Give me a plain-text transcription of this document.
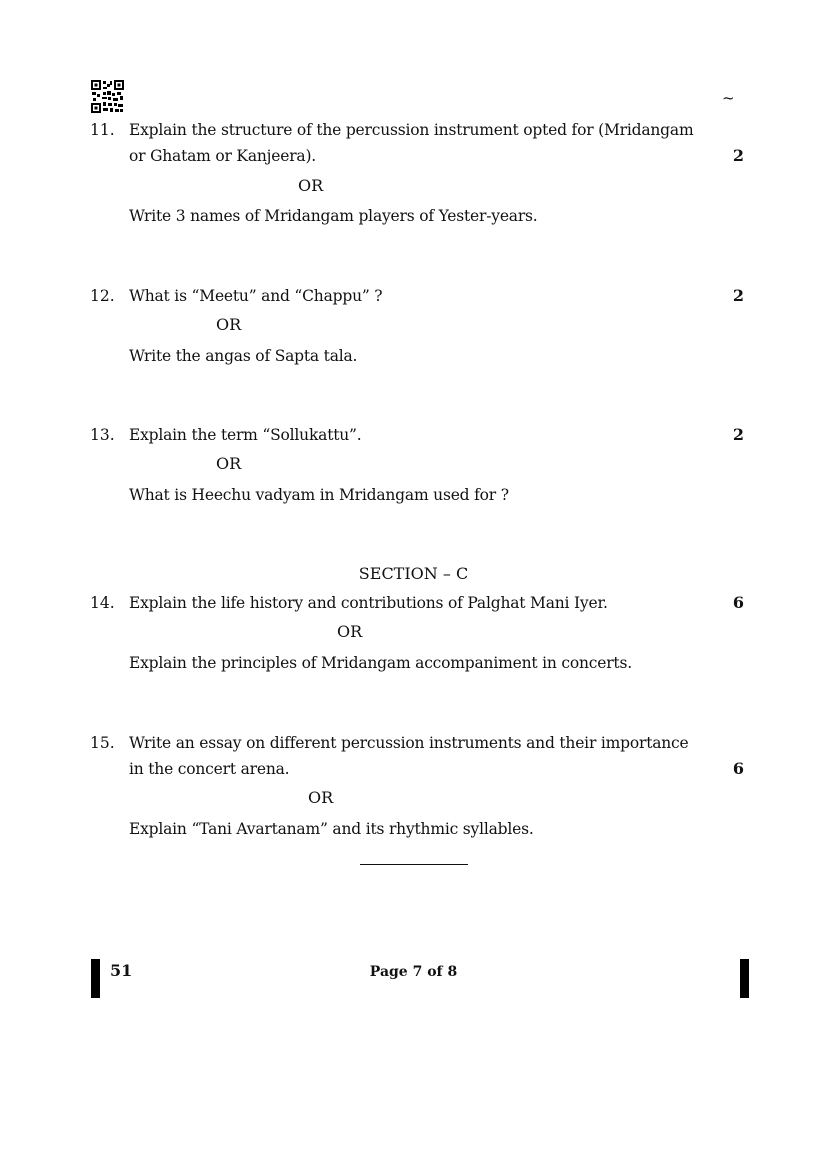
~
11. Explain the structure of the percussion instrument opted for (Mridangam
or Ghatam or Kanjeera).	2
OR
Write 3 names of Mridangam players of Yester-years.
12. What is “Meetu” and “Chappu” ?	2
OR
Write the angas of Sapta tala.
13. Explain the term “Sollukattu”.	2
OR
What is Heechu vadyam in Mridangam used for ?
SECTION – C
14. Explain the life history and contributions of Palghat Mani Iyer.	6
OR
Explain the principles of Mridangam accompaniment in concerts.
15. Write an essay on different percussion instruments and their importance
in the concert arena.	6
OR
Explain “Tani Avartanam” and its rhythmic syllables.
51	Page 7 of 8
